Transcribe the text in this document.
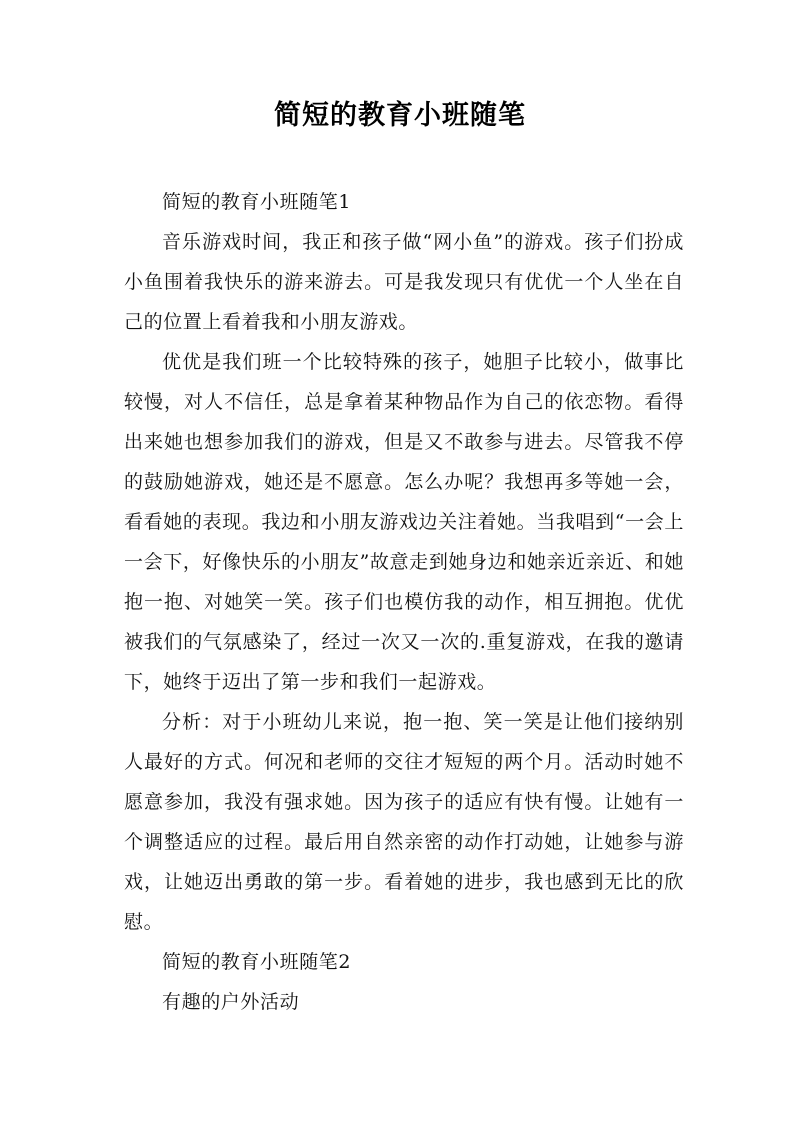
简短的教育小班随笔

简短的教育小班随笔1

音乐游戏时间，我正和孩子做“网小鱼”的游戏。孩子们扮成小鱼围着我快乐的游来游去。可是我发现只有优优一个人坐在自己的位置上看着我和小朋友游戏。

优优是我们班一个比较特殊的孩子，她胆子比较小，做事比较慢，对人不信任，总是拿着某种物品作为自己的依恋物。看得出来她也想参加我们的游戏，但是又不敢参与进去。尽管我不停的鼓励她游戏，她还是不愿意。怎么办呢？我想再多等她一会，看看她的表现。我边和小朋友游戏边关注着她。当我唱到“一会上一会下，好像快乐的小朋友”故意走到她身边和她亲近亲近、和她抱一抱、对她笑一笑。孩子们也模仿我的动作，相互拥抱。优优被我们的气氛感染了，经过一次又一次的.重复游戏，在我的邀请下，她终于迈出了第一步和我们一起游戏。

分析：对于小班幼儿来说，抱一抱、笑一笑是让他们接纳别人最好的方式。何况和老师的交往才短短的两个月。活动时她不愿意参加，我没有强求她。因为孩子的适应有快有慢。让她有一个调整适应的过程。最后用自然亲密的动作打动她，让她参与游戏，让她迈出勇敢的第一步。看着她的进步，我也感到无比的欣慰。

简短的教育小班随笔2

有趣的户外活动
